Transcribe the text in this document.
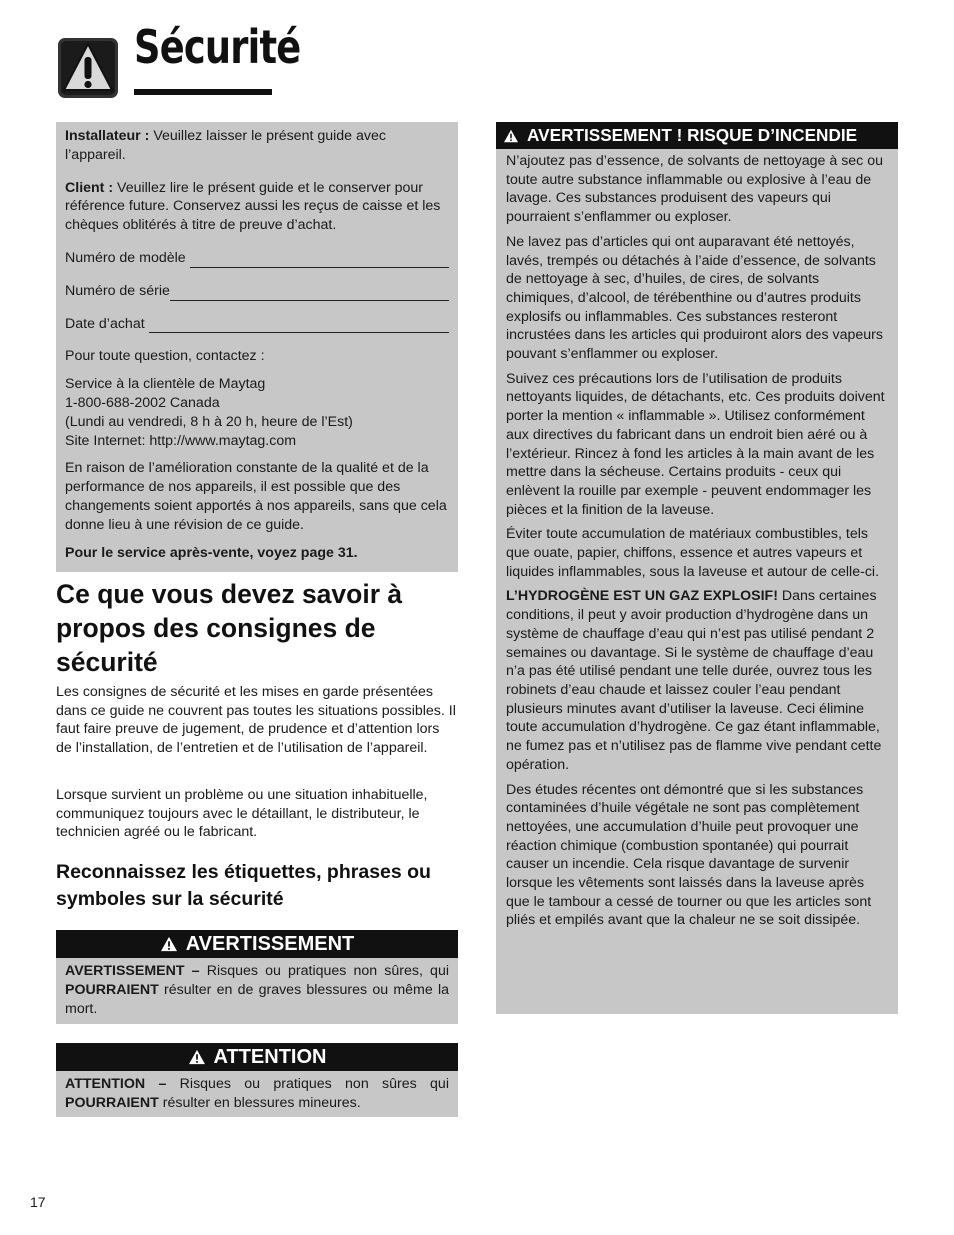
Sécurité

Installateur : Veuillez laisser le présent guide avec l’appareil.

Client : Veuillez lire le présent guide et le conserver pour référence future. Conservez aussi les reçus de caisse et les chèques oblitérés à titre de preuve d’achat.

Numéro de modèle
Numéro de série
Date d’achat

Pour toute question, contactez :

Service à la clientèle de Maytag
1-800-688-2002 Canada
(Lundi au vendredi, 8 h à 20 h, heure de l’Est)
Site Internet: http://www.maytag.com

En raison de l’amélioration constante de la qualité et de la performance de nos appareils, il est possible que des changements soient apportés à nos appareils, sans que cela donne lieu à une révision de ce guide.

Pour le service après-vente, voyez page 31.

Ce que vous devez savoir à propos des consignes de sécurité

Les consignes de sécurité et les mises en garde présentées dans ce guide ne couvrent pas toutes les situations possibles. Il faut faire preuve de jugement, de prudence et d’attention lors de l’installation, de l’entretien et de l’utilisation de l’appareil.

Lorsque survient un problème ou une situation inhabituelle, communiquez toujours avec le détaillant, le distributeur, le technicien agréé ou le fabricant.

Reconnaissez les étiquettes, phrases ou symboles sur la sécurité
AVERTISSEMENT
AVERTISSEMENT – Risques ou pratiques non sûres, qui POURRAIENT résulter en de graves blessures ou même la mort.
ATTENTION
ATTENTION – Risques ou pratiques non sûres qui POURRAIENT résulter en blessures mineures.
AVERTISSEMENT ! RISQUE D’INCENDIE

N’ajoutez pas d’essence, de solvants de nettoyage à sec ou toute autre substance inflammable ou explosive à l’eau de lavage. Ces substances produisent des vapeurs qui pourraient s’enflammer ou exploser.

Ne lavez pas d’articles qui ont auparavant été nettoyés, lavés, trempés ou détachés à l’aide d’essence, de solvants de nettoyage à sec, d’huiles, de cires, de solvants chimiques, d’alcool, de térébenthine ou d’autres produits explosifs ou inflammables. Ces substances resteront incrustées dans les articles qui produiront alors des vapeurs pouvant s’enflammer ou exploser.

Suivez ces précautions lors de l’utilisation de produits nettoyants liquides, de détachants, etc. Ces produits doivent porter la mention « inflammable ». Utilisez conformément aux directives du fabricant dans un endroit bien aéré ou à l’extérieur. Rincez à fond les articles à la main avant de les mettre dans la sécheuse. Certains produits - ceux qui enlèvent la rouille par exemple - peuvent endommager les pièces et la finition de la laveuse.

Éviter toute accumulation de matériaux combustibles, tels que ouate, papier, chiffons, essence et autres vapeurs et liquides inflammables, sous la laveuse et autour de celle-ci.

L’HYDROGÈNE EST UN GAZ EXPLOSIF! Dans certaines conditions, il peut y avoir production d’hydrogène dans un système de chauffage d’eau qui n’est pas utilisé pendant 2 semaines ou davantage. Si le système de chauffage d’eau n’a pas été utilisé pendant une telle durée, ouvrez tous les robinets d’eau chaude et laissez couler l’eau pendant plusieurs minutes avant d’utiliser la laveuse. Ceci élimine toute accumulation d’hydrogène. Ce gaz étant inflammable, ne fumez pas et n’utilisez pas de flamme vive pendant cette opération.

Des études récentes ont démontré que si les substances contaminées d’huile végétale ne sont pas complètement nettoyées, une accumulation d’huile peut provoquer une réaction chimique (combustion spontanée) qui pourrait causer un incendie. Cela risque davantage de survenir lorsque les vêtements sont laissés dans la laveuse après que le tambour a cessé de tourner ou que les articles sont pliés et empilés avant que la chaleur ne se soit dissipée.

17
